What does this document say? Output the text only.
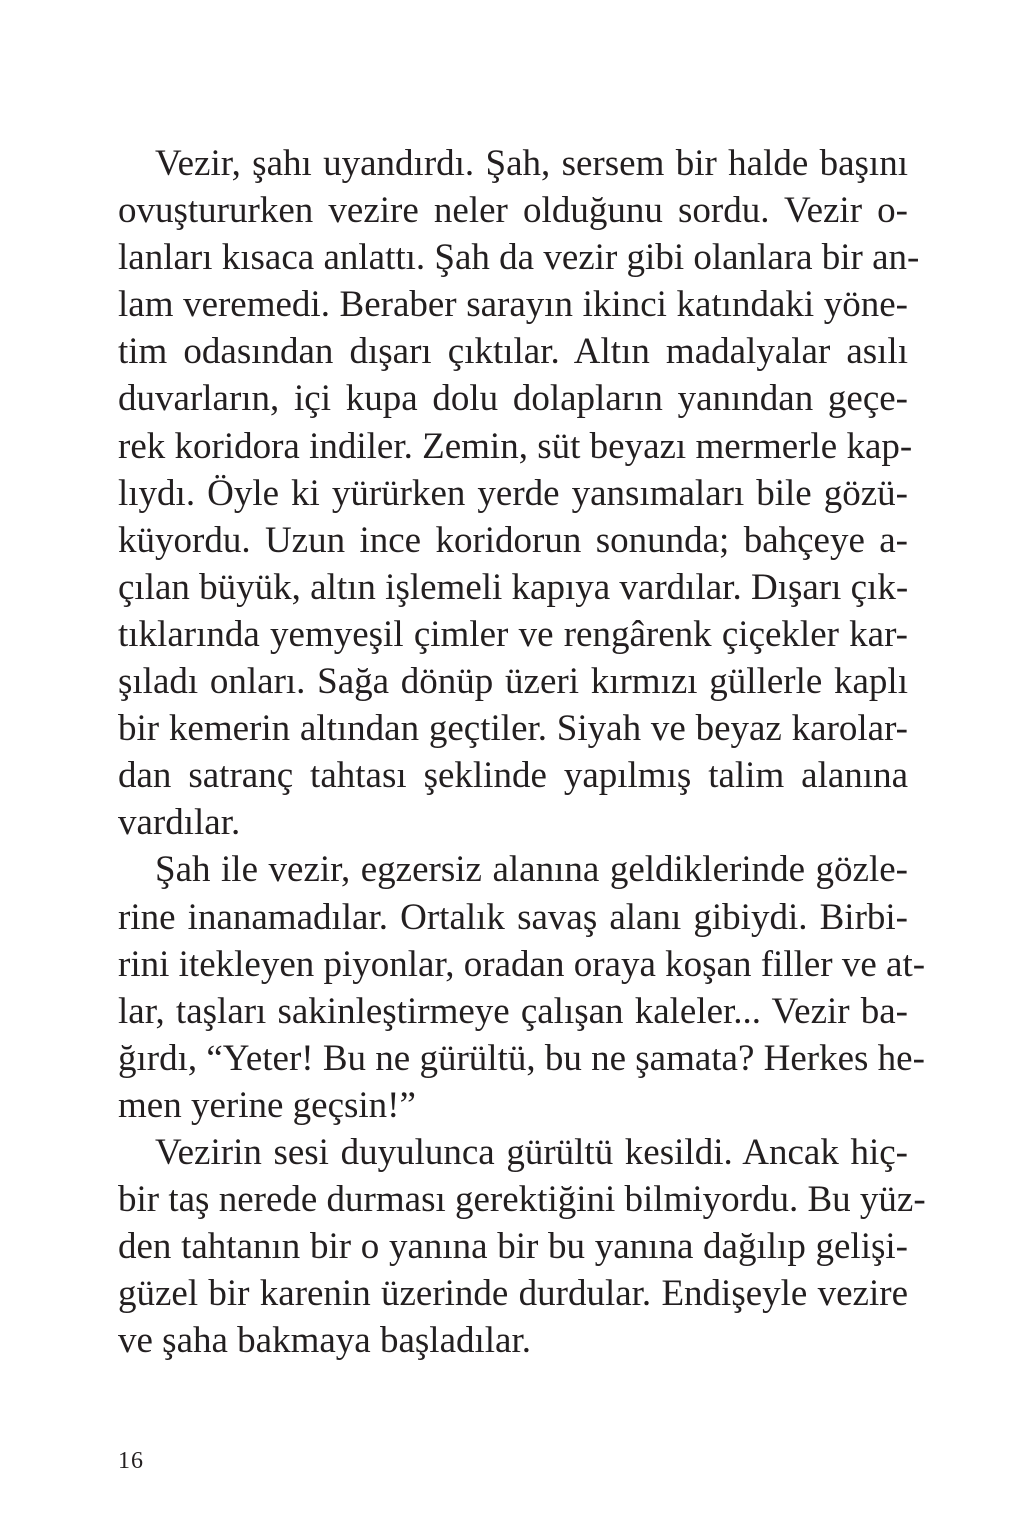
Vezir, şahı uyandırdı. Şah, sersem bir halde başını
ovuştururken vezire neler olduğunu sordu. Vezir o-
lanları kısaca anlattı. Şah da vezir gibi olanlara bir an-
lam veremedi. Beraber sarayın ikinci katındaki yöne-
tim odasından dışarı çıktılar. Altın madalyalar asılı
duvarların, içi kupa dolu dolapların yanından geçe-
rek koridora indiler. Zemin, süt beyazı mermerle kap-
lıydı. Öyle ki yürürken yerde yansımaları bile gözü-
küyordu. Uzun ince koridorun sonunda; bahçeye a-
çılan büyük, altın işlemeli kapıya vardılar. Dışarı çık-
tıklarında yemyeşil çimler ve rengârenk çiçekler kar-
şıladı onları. Sağa dönüp üzeri kırmızı güllerle kaplı
bir kemerin altından geçtiler. Siyah ve beyaz karolar-
dan satranç tahtası şeklinde yapılmış talim alanına
vardılar.
Şah ile vezir, egzersiz alanına geldiklerinde gözle-
rine inanamadılar. Ortalık savaş alanı gibiydi. Birbi-
rini itekleyen piyonlar, oradan oraya koşan filler ve at-
lar, taşları sakinleştirmeye çalışan kaleler... Vezir ba-
ğırdı, “Yeter! Bu ne gürültü, bu ne şamata? Herkes he-
men yerine geçsin!”
Vezirin sesi duyulunca gürültü kesildi. Ancak hiç-
bir taş nerede durması gerektiğini bilmiyordu. Bu yüz-
den tahtanın bir o yanına bir bu yanına dağılıp gelişi-
güzel bir karenin üzerinde durdular. Endişeyle vezire
ve şaha bakmaya başladılar.
16
